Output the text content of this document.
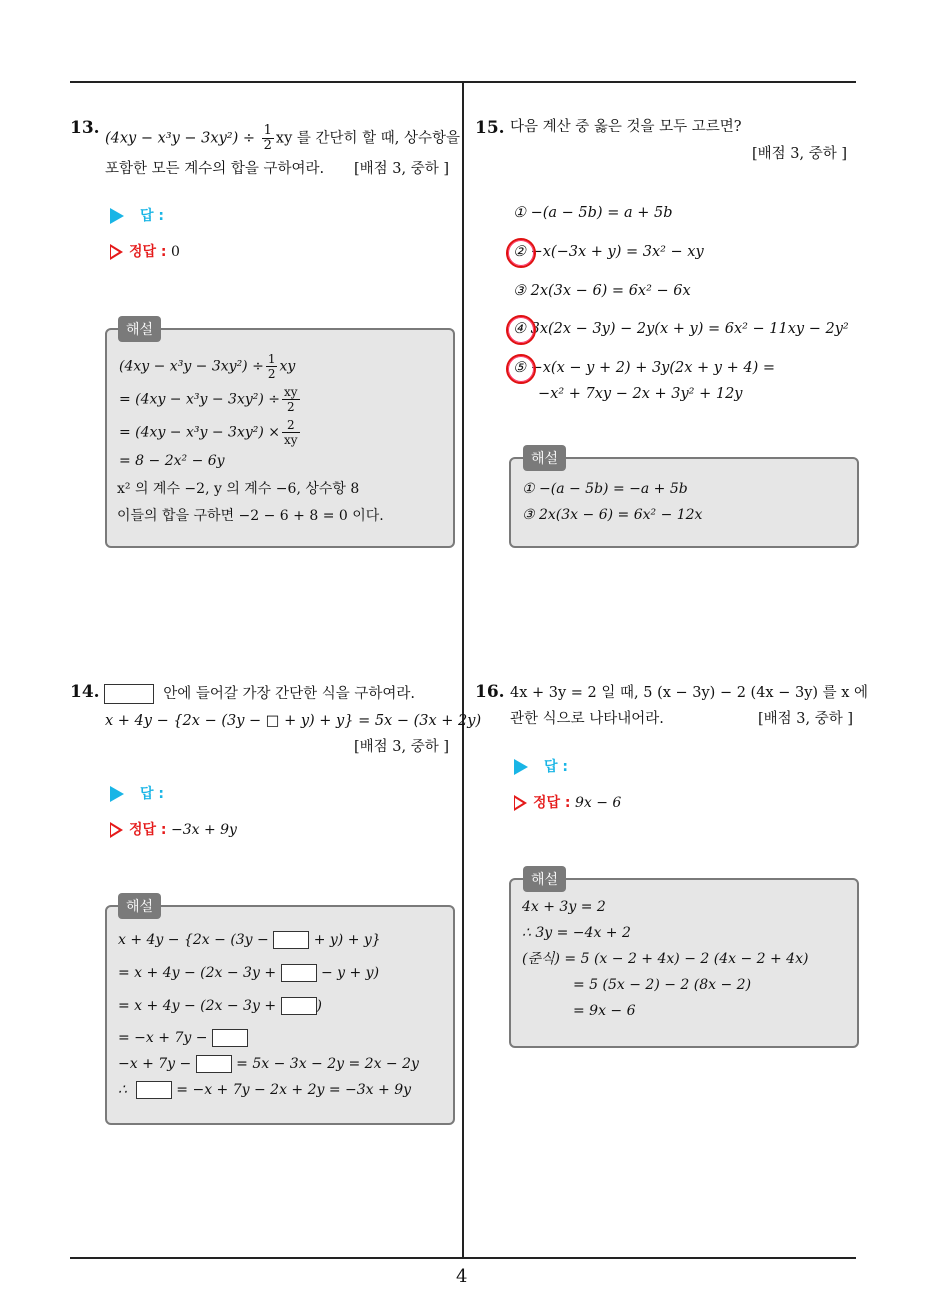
4
13.
$(4xy - x^3y - 3xy^2) \div \frac{1}{2}$ xy 를 간단히 할 때, 상수항을
포함한 모든 계수의 합을 구하여라. [배점 3, 중하 ]
답 :
정답 : 0
해설
$(4xy - x^3y - 3xy^2) \div \frac{1}{2}$ xy
= $(4xy - x^3y - 3xy^2) \div \frac{xy}{2}$
= $(4xy - x^3y - 3xy^2) \times \frac{2}{xy}$
= 8 − 2x² − 6y
x² 의 계수 −2, y 의 계수 −6, 상수항 8
이들의 합을 구하면 −2 − 6 + 8 = 0 이다.
14.	안에 들어갈 가장 간단한 식을 구하여라.
x + 4y − {2x − (3y − □ + y) + y} = 5x − (3x + 2y)
[배점 3, 중하 ]
답 :
정답 : −3x + 9y
해설
x + 4y − {2x − (3y −	+ y) + y}
= x + 4y − (2x − 3y +	− y + y)
= x + 4y − (2x − 3y +	)
= −x + 7y −
−x + 7y −	= 5x − 3x − 2y = 2x − 2y
∴	= −x + 7y − 2x + 2y = −3x + 9y
15. 다음 계산 중 옳은 것을 모두 고르면?
[배점 3, 중하 ]
① −(a − 5b) = a + 5b
② −x(−3x + y) = 3x² − xy
③ 2x(3x − 6) = 6x² − 6x
④ 3x(2x − 3y) − 2y(x + y) = 6x² − 11xy − 2y²
⑤ −x(x − y + 2) + 3y(2x + y + 4) =
−x² + 7xy − 2x + 3y² + 12y
해설
① −(a − 5b) = −a + 5b
③ 2x(3x − 6) = 6x² − 12x
16. 4x + 3y = 2 일 때, 5 (x − 3y) − 2 (4x − 3y) 를 x 에
관한 식으로 나타내어라.	[배점 3, 중하 ]
답 :
정답 : 9x − 6
해설
4x + 3y = 2
∴ 3y = −4x + 2
(준식) = 5 (x − 2 + 4x) − 2 (4x − 2 + 4x)
= 5 (5x − 2) − 2 (8x − 2)
= 9x − 6
